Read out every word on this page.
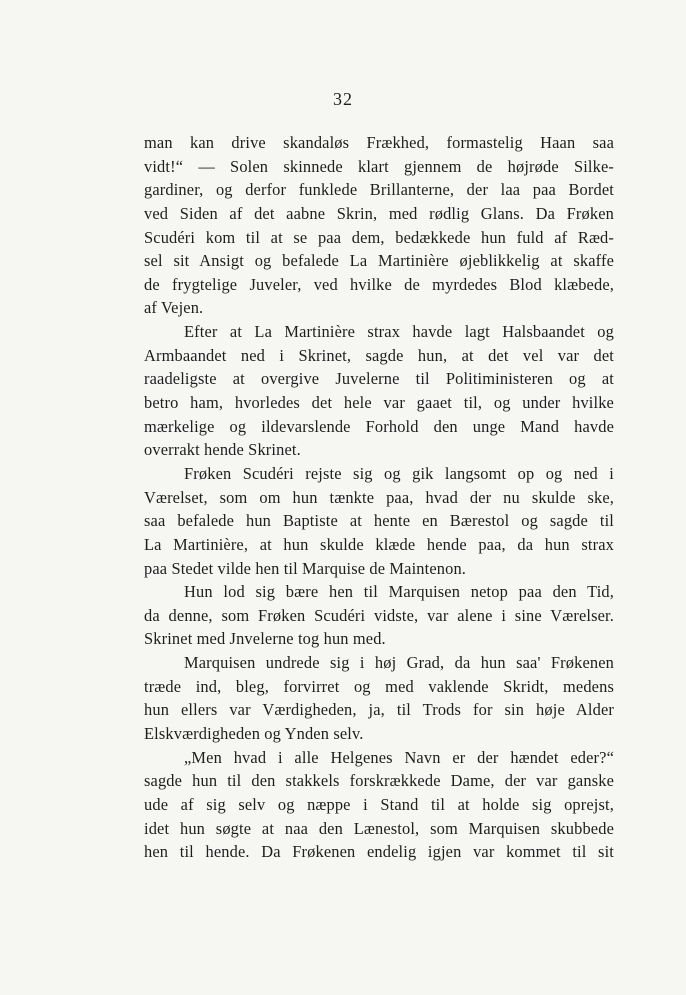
32
man kan drive skandaløs Frækhed, formastelig Haan saa
vidt!“ — Solen skinnede klart gjennem de højrøde Silke-
gardiner, og derfor funklede Brillanterne, der laa paa Bordet
ved Siden af det aabne Skrin, med rødlig Glans. Da Frøken
Scudéri kom til at se paa dem, bedækkede hun fuld af Ræd-
sel sit Ansigt og befalede La Martinière øjeblikkelig at skaffe
de frygtelige Juveler, ved hvilke de myrdedes Blod klæbede,
af Vejen.
Efter at La Martinière strax havde lagt Halsbaandet og
Armbaandet ned i Skrinet, sagde hun, at det vel var det
raadeligste at overgive Juvelerne til Politiministeren og at
betro ham, hvorledes det hele var gaaet til, og under hvilke
mærkelige og ildevarslende Forhold den unge Mand havde
overrakt hende Skrinet.
Frøken Scudéri rejste sig og gik langsomt op og ned i
Værelset, som om hun tænkte paa, hvad der nu skulde ske,
saa befalede hun Baptiste at hente en Bærestol og sagde til
La Martinière, at hun skulde klæde hende paa, da hun strax
paa Stedet vilde hen til Marquise de Maintenon.
Hun lod sig bære hen til Marquisen netop paa den Tid,
da denne, som Frøken Scudéri vidste, var alene i sine Værelser.
Skrinet med Jnvelerne tog hun med.
Marquisen undrede sig i høj Grad, da hun saa' Frøkenen
træde ind, bleg, forvirret og med vaklende Skridt, medens
hun ellers var Værdigheden, ja, til Trods for sin høje Alder
Elskværdigheden og Ynden selv.
„Men hvad i alle Helgenes Navn er der hændet eder?“
sagde hun til den stakkels forskrækkede Dame, der var ganske
ude af sig selv og næppe i Stand til at holde sig oprejst,
idet hun søgte at naa den Lænestol, som Marquisen skubbede
hen til hende. Da Frøkenen endelig igjen var kommet til sit
